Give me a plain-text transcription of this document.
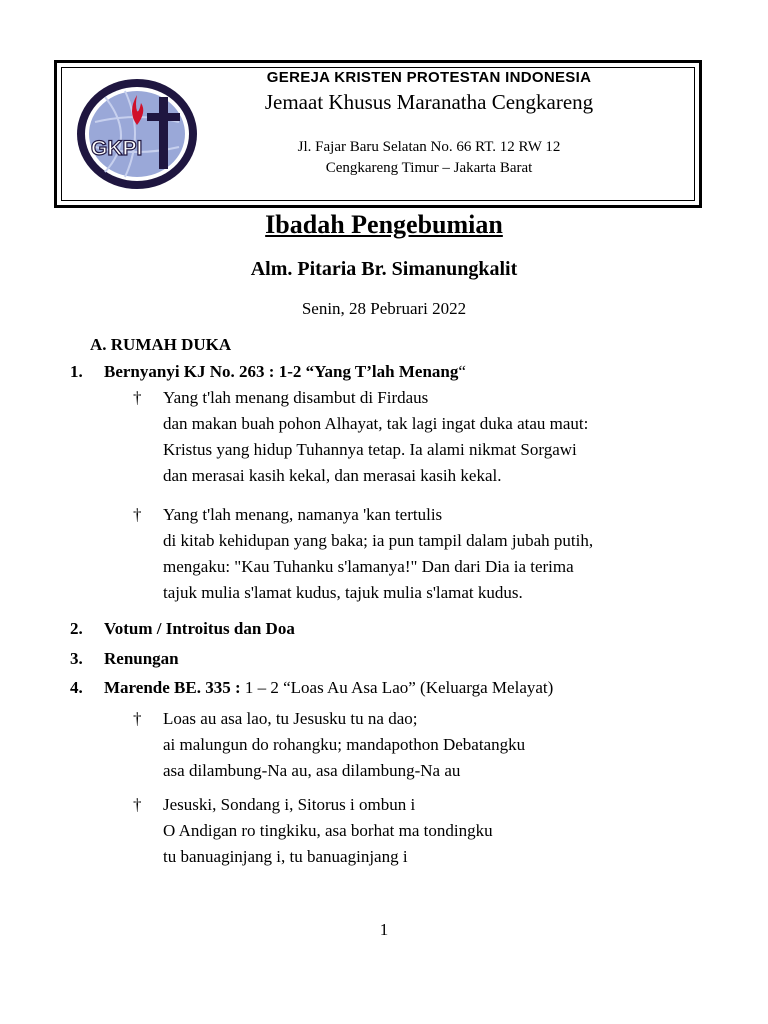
GKPI
GEREJA KRISTEN PROTESTAN INDONESIA
Jemaat Khusus Maranatha Cengkareng
Jl. Fajar Baru Selatan No. 66 RT. 12 RW 12
Cengkareng Timur – Jakarta Barat
Ibadah Pengebumian
Alm. Pitaria Br. Simanungkalit
Senin, 28 Pebruari 2022
A. RUMAH DUKA
1. Bernyanyi KJ No. 263 : 1-2 “Yang T’lah Menang“
†	Yang t'lah menang disambut di Firdaus
dan makan buah pohon Alhayat, tak lagi ingat duka atau maut:
Kristus yang hidup Tuhannya tetap. Ia alami nikmat Sorgawi
dan merasai kasih kekal, dan merasai kasih kekal.
†	Yang t'lah menang, namanya 'kan tertulis
di kitab kehidupan yang baka; ia pun tampil dalam jubah putih,
mengaku: "Kau Tuhanku s'lamanya!" Dan dari Dia ia terima
tajuk mulia s'lamat kudus, tajuk mulia s'lamat kudus.
2. Votum / Introitus dan Doa
3. Renungan
4. Marende BE. 335 : 1 – 2 “Loas Au Asa Lao” (Keluarga Melayat)
†	Loas au asa lao, tu Jesusku tu na dao;
ai malungun do rohangku; mandapothon Debatangku
asa dilambung-Na au, asa dilambung-Na au
†	Jesuski, Sondang i, Sitorus i ombun i
O Andigan ro tingkiku, asa borhat ma tondingku
tu banuaginjang i, tu banuaginjang i
1
